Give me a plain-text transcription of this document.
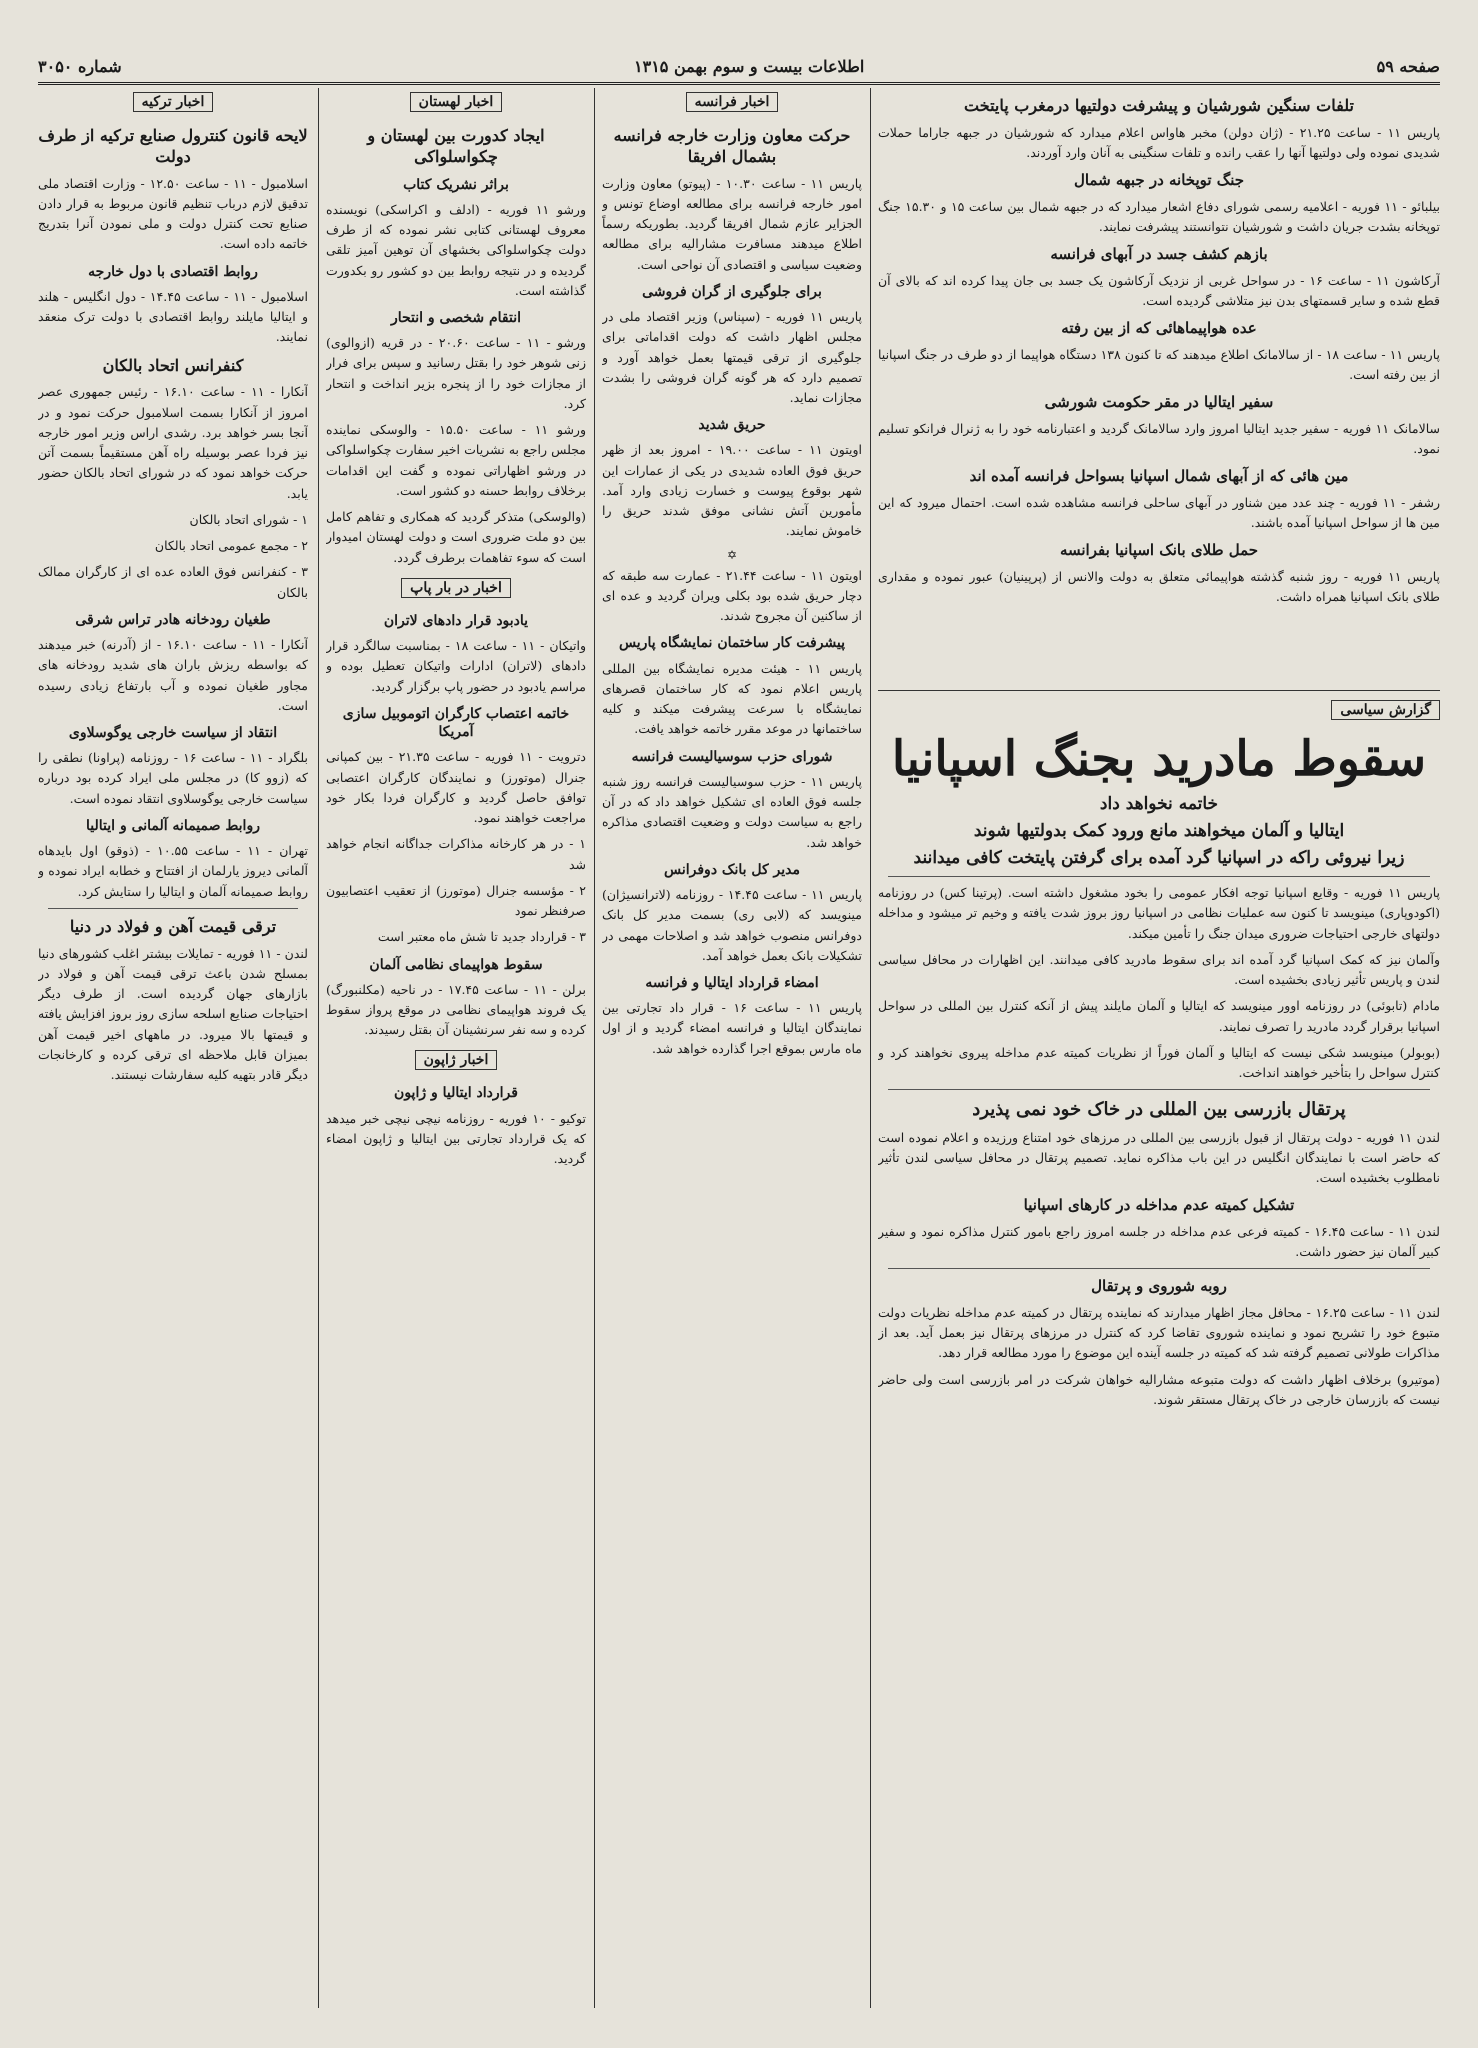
صفحه ۵۹
اطلاعات بیست و سوم بهمن ۱۳۱۵
شماره ۳۰۵۰
اخبار ترکیه
لایحه قانون کنترول صنایع ترکیه از طرف دولت

اسلامبول - ۱۱ - ساعت ۱۲.۵۰ - وزارت اقتصاد ملی تدقیق لازم درباب تنظیم قانون مربوط به قرار دادن صنایع تحت کنترل دولت و ملی نمودن آنرا بتدریج خاتمه داده است.

روابط اقتصادی با دول خارجه

اسلامبول - ۱۱ - ساعت ۱۴.۴۵ - دول انگلیس - هلند و ایتالیا مایلند روابط اقتصادی با دولت ترک منعقد نمایند.

کنفرانس اتحاد بالکان

آنکارا - ۱۱ - ساعت ۱۶.۱۰ - رئیس جمهوری عصر امروز از آنکارا بسمت اسلامبول حرکت نمود و در آنجا بسر خواهد برد. رشدی اراس وزیر امور خارجه نیز فردا عصر بوسیله راه آهن مستقیماً بسمت آتن حرکت خواهد نمود که در شورای اتحاد بالکان حضور یابد.

۱ - شورای اتحاد بالکان

۲ - مجمع عمومی اتحاد بالکان

۳ - کنفرانس فوق العاده عده ای از کارگران ممالک بالکان

طغیان رودخانه هادر تراس شرقی

آنکارا - ۱۱ - ساعت ۱۶.۱۰ - از (آدرنه) خبر میدهند که بواسطه ریزش باران های شدید رودخانه های مجاور طغیان نموده و آب بارتفاع زیادی رسیده است.

انتقاد از سیاست خارجی یوگوسلاوی

بلگراد - ۱۱ - ساعت ۱۶ - روزنامه (پراونا) نطقی را که (زوو کا) در مجلس ملی ایراد کرده بود درباره سیاست خارجی یوگوسلاوی انتقاد نموده است.

روابط صمیمانه آلمانی و ایتالیا

تهران - ۱۱ - ساعت ۱۰.۵۵ - (ذوقو) اول بایدهاه آلمانی دیروز یارلمان از افتتاح و خطابه ایراد نموده و روابط صمیمانه آلمان و ایتالیا را ستایش کرد.

ترقی قیمت آهن و فولاد در دنیا

لندن - ۱۱ فوریه - تمایلات بیشتر اغلب کشورهای دنیا بمسلح شدن باعث ترقی قیمت آهن و فولاد در بازارهای جهان گردیده است. از طرف دیگر احتیاجات صنایع اسلحه سازی روز بروز افزایش یافته و قیمتها بالا میرود. در ماههای اخیر قیمت آهن بمیزان قابل ملاحظه ای ترقی کرده و کارخانجات دیگر قادر بتهیه کلیه سفارشات نیستند.

اخبار لهستان
ایجاد کدورت بین لهستان و چکواسلواکی
براثر نشریک کتاب

ورشو ۱۱ فوریه - (ادلف و اکراسکی) نویسنده معروف لهستانی کتابی نشر نموده که از طرف دولت چکواسلواکی بخشهای آن توهین آمیز تلقی گردیده و در نتیجه روابط بین دو کشور رو بکدورت گذاشته است.

انتقام شخصی و انتحار

ورشو - ۱۱ - ساعت ۲۰.۶۰ - در قریه (ازوالوی) زنی شوهر خود را بقتل رسانید و سپس برای فرار از مجازات خود را از پنجره بزیر انداخت و انتحار کرد.

ورشو ۱۱ - ساعت ۱۵.۵۰ - والوسکی نماینده مجلس راجع به نشریات اخیر سفارت چکواسلواکی در ورشو اظهاراتی نموده و گفت این اقدامات برخلاف روابط حسنه دو کشور است.

(والوسکی) متذکر گردید که همکاری و تفاهم کامل بین دو ملت ضروری است و دولت لهستان امیدوار است که سوء تفاهمات برطرف گردد.

اخبار در بار پاپ
یادبود قرار دادهای لاتران

واتیکان - ۱۱ - ساعت ۱۸ - بمناسبت سالگرد قرار دادهای (لاتران) ادارات واتیکان تعطیل بوده و مراسم یادبود در حضور پاپ برگزار گردید.

خاتمه اعتصاب کارگران اتوموبیل سازی آمریکا

دترویت - ۱۱ فوریه - ساعت ۲۱.۳۵ - بین کمپانی جنرال (موتورز) و نمایندگان کارگران اعتصابی توافق حاصل گردید و کارگران فردا بکار خود مراجعت خواهند نمود.

۱ - در هر کارخانه مذاکرات جداگانه انجام خواهد شد

۲ - مؤسسه جنرال (موتورز) از تعقیب اعتصابیون صرفنظر نمود

۳ - قرارداد جدید تا شش ماه معتبر است

سقوط هواپیمای نظامی آلمان

برلن - ۱۱ - ساعت ۱۷.۴۵ - در ناحیه (مکلنبورگ) یک فروند هواپیمای نظامی در موقع پرواز سقوط کرده و سه نفر سرنشینان آن بقتل رسیدند.

اخبار ژاپون
قرارداد ایتالیا و ژاپون

توکیو - ۱۰ فوریه - روزنامه نیچی نیچی خبر میدهد که یک قرارداد تجارتی بین ایتالیا و ژاپون امضاء گردید.

اخبار فرانسه
حرکت معاون وزارت خارجه فرانسه بشمال افریقا

پاریس ۱۱ - ساعت ۱۰.۳۰ - (پیوتو) معاون وزارت امور خارجه فرانسه برای مطالعه اوضاع تونس و الجزایر عازم شمال افریقا گردید. بطوریکه رسماً اطلاع میدهند مسافرت مشارالیه برای مطالعه وضعیت سیاسی و اقتصادی آن نواحی است.

برای جلوگیری از گران فروشی

پاریس ۱۱ فوریه - (سپناس) وزیر اقتصاد ملی در مجلس اظهار داشت که دولت اقداماتی برای جلوگیری از ترقی قیمتها بعمل خواهد آورد و تصمیم دارد که هر گونه گران فروشی را بشدت مجازات نماید.

حریق شدید

اویتون ۱۱ - ساعت ۱۹.۰۰ - امروز بعد از ظهر حریق فوق العاده شدیدی در یکی از عمارات این شهر بوقوع پیوست و خسارت زیادی وارد آمد. مأمورین آتش نشانی موفق شدند حریق را خاموش نمایند.

✡

اویتون ۱۱ - ساعت ۲۱.۴۴ - عمارت سه طبقه که دچار حریق شده بود بکلی ویران گردید و عده ای از ساکنین آن مجروح شدند.

پیشرفت کار ساختمان نمایشگاه پاریس

پاریس ۱۱ - هیئت مدیره نمایشگاه بین المللی پاریس اعلام نمود که کار ساختمان قصرهای نمایشگاه با سرعت پیشرفت میکند و کلیه ساختمانها در موعد مقرر خاتمه خواهد یافت.

شورای حزب سوسیالیست فرانسه

پاریس ۱۱ - حزب سوسیالیست فرانسه روز شنبه جلسه فوق العاده ای تشکیل خواهد داد که در آن راجع به سیاست دولت و وضعیت اقتصادی مذاکره خواهد شد.

مدیر کل بانک دوفرانس

پاریس ۱۱ - ساعت ۱۴.۴۵ - روزنامه (لاترانسیژان) مینویسد که (لابی ری) بسمت مدیر کل بانک دوفرانس منصوب خواهد شد و اصلاحات مهمی در تشکیلات بانک بعمل خواهد آمد.

امضاء قرارداد ایتالیا و فرانسه

پاریس ۱۱ - ساعت ۱۶ - قرار داد تجارتی بین نمایندگان ایتالیا و فرانسه امضاء گردید و از اول ماه مارس بموقع اجرا گذارده خواهد شد.

تلفات سنگین شورشیان و پیشرفت دولتیها درمغرب پایتخت

پاریس ۱۱ - ساعت ۲۱.۲۵ - (ژان دولن) مخبر هاواس اعلام میدارد که شورشیان در جبهه جاراما حملات شدیدی نموده ولی دولتیها آنها را عقب رانده و تلفات سنگینی به آنان وارد آوردند.

جنگ توپخانه در جبهه شمال

بیلبائو - ۱۱ فوریه - اعلامیه رسمی شورای دفاع اشعار میدارد که در جبهه شمال بین ساعت ۱۵ و ۱۵.۳۰ جنگ توپخانه بشدت جریان داشت و شورشیان نتوانستند پیشرفت نمایند.

بازهم کشف جسد در آبهای فرانسه

آرکاشون ۱۱ - ساعت ۱۶ - در سواحل غربی از نزدیک آرکاشون یک جسد بی جان پیدا کرده اند که بالای آن قطع شده و سایر قسمتهای بدن نیز متلاشی گردیده است.

عده هواپیماهائی که از بین رفته

پاریس ۱۱ - ساعت ۱۸ - از سالامانک اطلاع میدهند که تا کنون ۱۳۸ دستگاه هواپیما از دو طرف در جنگ اسپانیا از بین رفته است.

سفیر ایتالیا در مقر حکومت شورشی

سالامانک ۱۱ فوریه - سفیر جدید ایتالیا امروز وارد سالامانک گردید و اعتبارنامه خود را به ژنرال فرانکو تسلیم نمود.

مین هائی که از آبهای شمال اسپانیا بسواحل فرانسه آمده اند

رشفر - ۱۱ فوریه - چند عدد مین شناور در آبهای ساحلی فرانسه مشاهده شده است. احتمال میرود که این مین ها از سواحل اسپانیا آمده باشند.

حمل طلای بانک اسپانیا بفرانسه

پاریس ۱۱ فوریه - روز شنبه گذشته هواپیمائی متعلق به دولت والانس از (پرپینیان) عبور نموده و مقداری طلای بانک اسپانیا همراه داشت.

گزارش سیاسی
سقوط مادرید بجنگ اسپانیا
خاتمه نخواهد داد
ایتالیا و آلمان میخواهند مانع ورود کمک بدولتیها شوند
زیرا نیروئی راکه در اسپانیا گرد آمده برای گرفتن پایتخت کافی میدانند

پاریس ۱۱ فوریه - وقایع اسپانیا توجه افکار عمومی را بخود مشغول داشته است. (پرتینا کس) در روزنامه (اکودوپاری) مینویسد تا کنون سه عملیات نظامی در اسپانیا روز بروز شدت یافته و وخیم تر میشود و مداخله دولتهای خارجی احتیاجات ضروری میدان جنگ را تأمین میکند.

وآلمان نیز که کمک اسپانیا گرد آمده اند برای سقوط مادرید کافی میدانند. این اظهارات در محافل سیاسی لندن و پاریس تأثیر زیادی بخشیده است.

مادام (تابوئی) در روزنامه اوور مینویسد که ایتالیا و آلمان مایلند پیش از آنکه کنترل بین المللی در سواحل اسپانیا برقرار گردد مادرید را تصرف نمایند.

(بوبولر) مینویسد شکی نیست که ایتالیا و آلمان فوراً از نظریات کمیته عدم مداخله پیروی نخواهند کرد و کنترل سواحل را بتأخیر خواهند انداخت.

پرتقال بازرسی بین المللی در خاک خود نمی پذیرد

لندن ۱۱ فوریه - دولت پرتقال از قبول بازرسی بین المللی در مرزهای خود امتناع ورزیده و اعلام نموده است که حاضر است با نمایندگان انگلیس در این باب مذاکره نماید. تصمیم پرتقال در محافل سیاسی لندن تأثیر نامطلوب بخشیده است.

تشکیل کمیته عدم مداخله در کارهای اسپانیا

لندن ۱۱ - ساعت ۱۶.۴۵ - کمیته فرعی عدم مداخله در جلسه امروز راجع بامور کنترل مذاکره نمود و سفیر کبیر آلمان نیز حضور داشت.

روبه شوروی و پرتقال

لندن ۱۱ - ساعت ۱۶.۲۵ - محافل مجاز اظهار میدارند که نماینده پرتقال در کمیته عدم مداخله نظریات دولت متبوع خود را تشریح نمود و نماینده شوروی تقاضا کرد که کنترل در مرزهای پرتقال نیز بعمل آید. بعد از مذاکرات طولانی تصمیم گرفته شد که کمیته در جلسه آینده این موضوع را مورد مطالعه قرار دهد.

(موتیرو) برخلاف اظهار داشت که دولت متبوعه مشارالیه خواهان شرکت در امر بازرسی است ولی حاضر نیست که بازرسان خارجی در خاک پرتقال مستقر شوند.
